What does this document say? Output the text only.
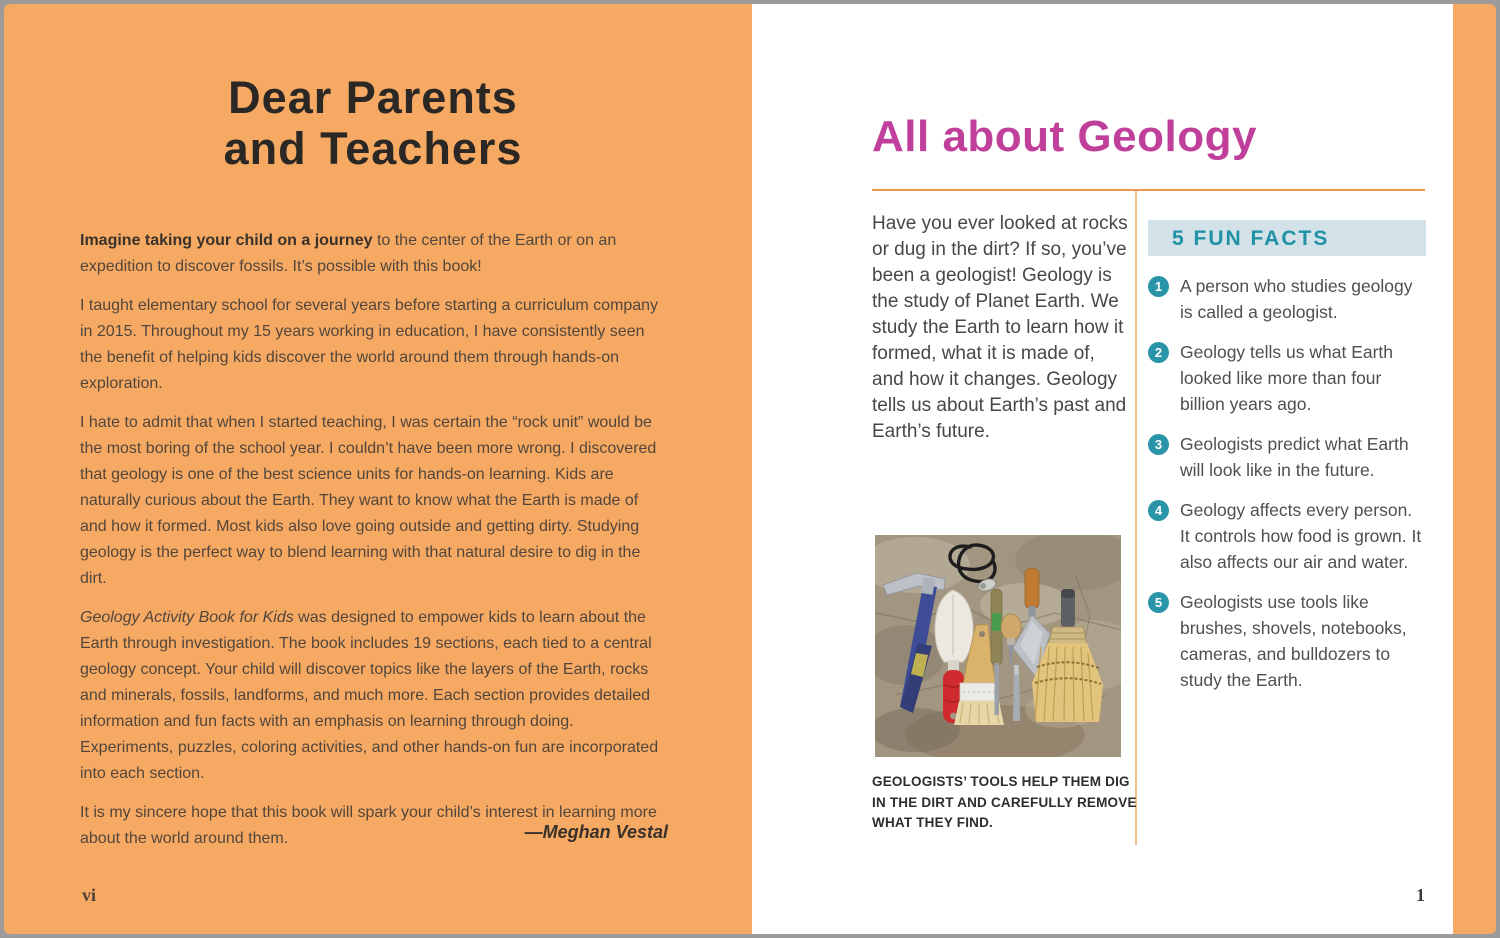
Dear Parents
and Teachers

Imagine taking your child on a journey to the center of the Earth or on an expedition to discover fossils. It’s possible with this book!

I taught elementary school for several years before starting a curriculum company in 2015. Throughout my 15 years working in education, I have consistently seen the benefit of helping kids discover the world around them through hands-on exploration.

I hate to admit that when I started teaching, I was certain the “rock unit” would be the most boring of the school year. I couldn’t have been more wrong. I discovered that geology is one of the best science units for hands-on learning. Kids are naturally curious about the Earth. They want to know what the Earth is made of and how it formed. Most kids also love going outside and getting dirty. Studying geology is the perfect way to blend learning with that natural desire to dig in the dirt.

Geology Activity Book for Kids was designed to empower kids to learn about the Earth through investigation. The book includes 19 sections, each tied to a central geology concept. Your child will discover topics like the layers of the Earth, rocks and minerals, fossils, landforms, and much more. Each section provides detailed information and fun facts with an emphasis on learning through doing. Experiments, puzzles, coloring activities, and other hands-on fun are incorporated into each section.

It is my sincere hope that this book will spark your child’s interest in learning more about the world around them.	—Meghan Vestal
vi
All about Geology

Have you ever looked at rocks or dug in the dirt? If so, you’ve been a geologist! Geology is the study of Planet Earth. We study the Earth to learn how it formed, what it is made of, and how it changes. Geology tells us about Earth’s past and Earth’s future.

GEOLOGISTS’ TOOLS HELP THEM DIG IN THE DIRT AND CAREFULLY REMOVE WHAT THEY FIND.

5 FUN FACTS
1	A person who studies geology is called a geologist.
2	Geology tells us what Earth looked like more than four billion years ago.
3	Geologists predict what Earth will look like in the future.
4	Geology affects every person. It controls how food is grown. It also affects our air and water.
5	Geologists use tools like brushes, shovels, notebooks, cameras, and bulldozers to study the Earth.
1
